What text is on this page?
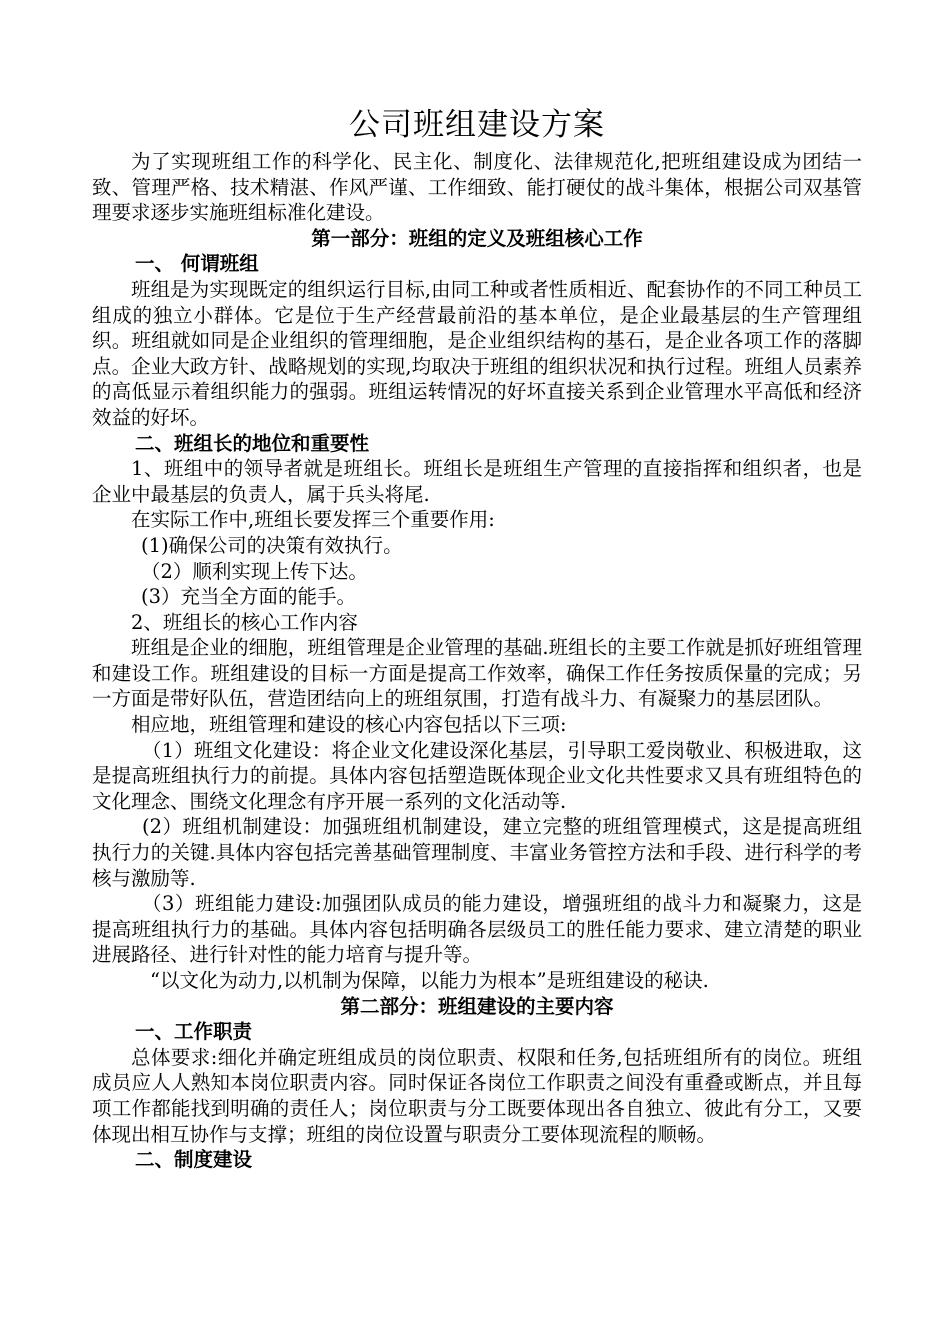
公司班组建设方案

为了实现班组工作的科学化、民主化、制度化、法律规范化,把班组建设成为团结一致、管理严格、技术精湛、作风严谨、工作细致、能打硬仗的战斗集体，根据公司双基管理要求逐步实施班组标准化建设。

第一部分：班组的定义及班组核心工作
一、 何谓班组

班组是为实现既定的组织运行目标,由同工种或者性质相近、配套协作的不同工种员工组成的独立小群体。它是位于生产经营最前沿的基本单位，是企业最基层的生产管理组织。班组就如同是企业组织的管理细胞，是企业组织结构的基石，是企业各项工作的落脚点。企业大政方针、战略规划的实现,均取决于班组的组织状况和执行过程。班组人员素养的高低显示着组织能力的强弱。班组运转情况的好坏直接关系到企业管理水平高低和经济效益的好坏。

二、班组长的地位和重要性

1、班组中的领导者就是班组长。班组长是班组生产管理的直接指挥和组织者，也是企业中最基层的负责人，属于兵头将尾.

在实际工作中,班组长要发挥三个重要作用:

(1)确保公司的决策有效执行。

（2）顺利实现上传下达。

(3）充当全方面的能手。

2、班组长的核心工作内容

班组是企业的细胞，班组管理是企业管理的基础.班组长的主要工作就是抓好班组管理和建设工作。班组建设的目标一方面是提高工作效率，确保工作任务按质保量的完成；另一方面是带好队伍，营造团结向上的班组氛围，打造有战斗力、有凝聚力的基层团队。

相应地，班组管理和建设的核心内容包括以下三项:

（1）班组文化建设：将企业文化建设深化基层，引导职工爱岗敬业、积极进取，这是提高班组执行力的前提。具体内容包括塑造既体现企业文化共性要求又具有班组特色的文化理念、围绕文化理念有序开展一系列的文化活动等.

(2）班组机制建设：加强班组机制建设，建立完整的班组管理模式，这是提高班组执行力的关键.具体内容包括完善基础管理制度、丰富业务管控方法和手段、进行科学的考核与激励等.

（3）班组能力建设:加强团队成员的能力建设，增强班组的战斗力和凝聚力，这是提高班组执行力的基础。具体内容包括明确各层级员工的胜任能力要求、建立清楚的职业进展路径、进行针对性的能力培育与提升等。

“以文化为动力,以机制为保障，以能力为根本”是班组建设的秘诀.

第二部分：班组建设的主要内容
一、工作职责

总体要求:细化并确定班组成员的岗位职责、权限和任务,包括班组所有的岗位。班组成员应人人熟知本岗位职责内容。同时保证各岗位工作职责之间没有重叠或断点，并且每项工作都能找到明确的责任人；岗位职责与分工既要体现出各自独立、彼此有分工，又要体现出相互协作与支撑；班组的岗位设置与职责分工要体现流程的顺畅。

二、制度建设
